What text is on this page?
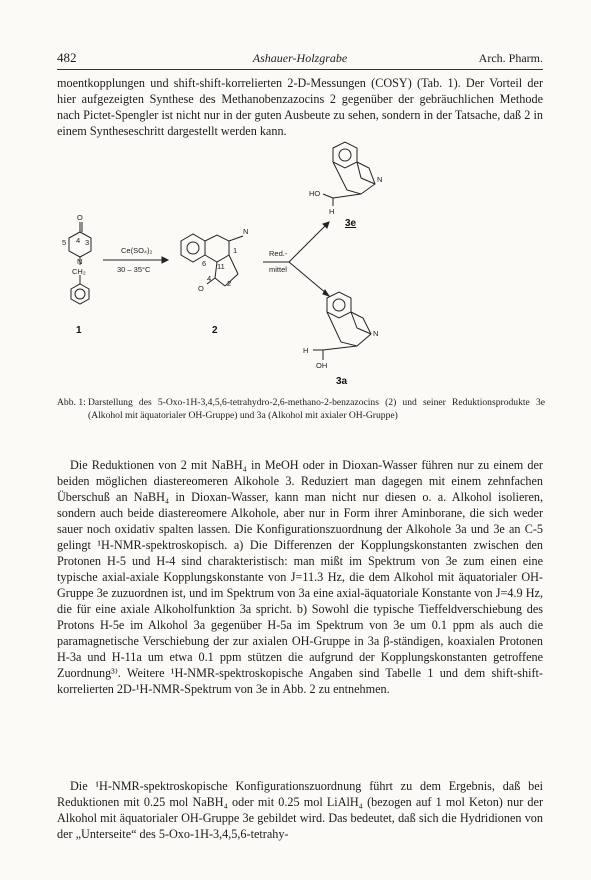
482	Ashauer-Holzgrabe	Arch. Pharm.

moentkopplungen und shift-shift-korrelierten 2-D-Messungen (COSY) (Tab. 1). Der Vorteil der hier aufgezeigten Synthese des Methanobenzazocins 2 gegenüber der gebräuchlichen Methode nach Pictet-Spengler ist nicht nur in der guten Ausbeute zu sehen, sondern in der Tatsache, daß 2 in einem Syntheseschritt dargestellt werden kann.

O
5 4 3
N
CH₂
Ce(SO₄)₂
30 – 35°C
N
6 11
1
2
4
O
Red.-
mittel
N
HO
H
N
H
OH
1	2
3e
3a

Abb. 1: Darstellung des 5-Oxo-1H-3,4,5,6-tetrahydro-2,6-methano-2-benzazocins (2) und seiner Reduktionsprodukte 3e (Alkohol mit äquatorialer OH-Gruppe) und 3a (Alkohol mit axialer OH-Gruppe)

Die Reduktionen von 2 mit NaBH₄ in MeOH oder in Dioxan-Wasser führen nur zu einem der beiden möglichen diastereomeren Alkohole 3. Reduziert man dagegen mit einem zehnfachen Überschuß an NaBH₄ in Dioxan-Wasser, kann man nicht nur diesen o. a. Alkohol isolieren, sondern auch beide diastereomere Alkohole, aber nur in Form ihrer Aminborane, die sich weder sauer noch oxidativ spalten lassen. Die Konfigurationszuordnung der Alkohole 3a und 3e an C-5 gelingt ¹H-NMR-spektroskopisch. a) Die Differenzen der Kopplungskonstanten zwischen den Protonen H-5 und H-4 sind charakteristisch: man mißt im Spektrum von 3e zum einen eine typische axial-axiale Kopplungskonstante von J=11.3 Hz, die dem Alkohol mit äquatorialer OH-Gruppe 3e zuzuordnen ist, und im Spektrum von 3a eine axial-äquatoriale Konstante von J=4.9 Hz, die für eine axiale Alkoholfunktion 3a spricht. b) Sowohl die typische Tieffeldverschiebung des Protons H-5e im Alkohol 3a gegenüber H-5a im Spektrum von 3e um 0.1 ppm als auch die paramagnetische Verschiebung der zur axialen OH-Gruppe in 3a β-ständigen, koaxialen Protonen H-3a und H-11a um etwa 0.1 ppm stützen die aufgrund der Kopplungskonstanten getroffene Zuordnung³⁾. Weitere ¹H-NMR-spektroskopische Angaben sind Tabelle 1 und dem shift-shift-korrelierten 2D-¹H-NMR-Spektrum von 3e in Abb. 2 zu entnehmen.

Die ¹H-NMR-spektroskopische Konfigurationszuordnung führt zu dem Ergebnis, daß bei Reduktionen mit 0.25 mol NaBH₄ oder mit 0.25 mol LiAlH₄ (bezogen auf 1 mol Keton) nur der Alkohol mit äquatorialer OH-Gruppe 3e gebildet wird. Das bedeutet, daß sich die Hydridionen von der „Unterseite“ des 5-Oxo-1H-3,4,5,6-tetrahy-
